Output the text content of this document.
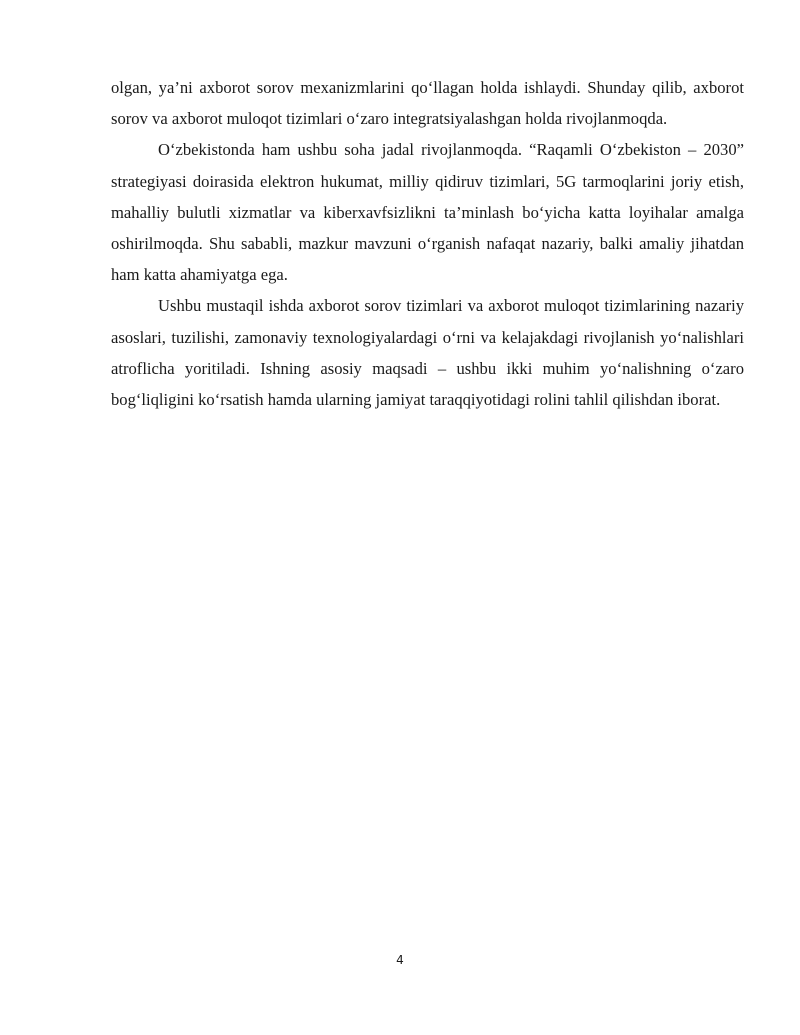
olgan, ya’ni axborot sorov mexanizmlarini qo‘llagan holda ishlaydi. Shunday qilib, axborot sorov va axborot muloqot tizimlari o‘zaro integratsiyalashgan holda rivojlanmoqda.

O‘zbekistonda ham ushbu soha jadal rivojlanmoqda. “Raqamli O‘zbekiston – 2030” strategiyasi doirasida elektron hukumat, milliy qidiruv tizimlari, 5G tarmoqlarini joriy etish, mahalliy bulutli xizmatlar va kiberxavfsizlikni ta’minlash bo‘yicha katta loyihalar amalga oshirilmoqda. Shu sababli, mazkur mavzuni o‘rganish nafaqat nazariy, balki amaliy jihatdan ham katta ahamiyatga ega.

Ushbu mustaqil ishda axborot sorov tizimlari va axborot muloqot tizimlarining nazariy asoslari, tuzilishi, zamonaviy texnologiyalardagi o‘rni va kelajakdagi rivojlanish yo‘nalishlari atroflicha yoritiladi. Ishning asosiy maqsadi – ushbu ikki muhim yo‘nalishning o‘zaro bog‘liqligini ko‘rsatish hamda ularning jamiyat taraqqiyotidagi rolini tahlil qilishdan iborat.

4
